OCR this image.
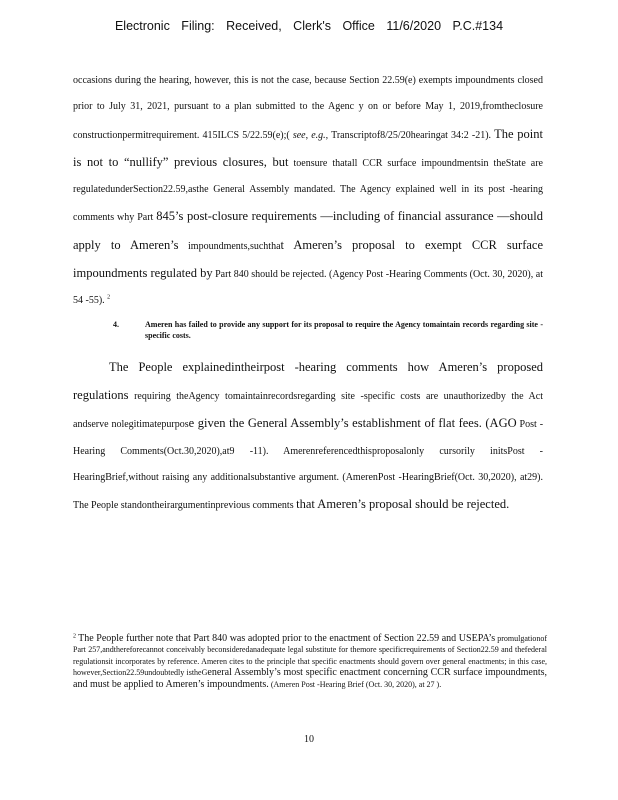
Electronic Filing: Received, Clerk's Office 11/6/2020 P.C.#134

occasions during the hearing, however, this is not the case, because Section 22.59(e) exempts impoundments closed prior to July 31, 2021, pursuant to a plan submitted to the Agenc y on or before May 1, 2019,fromtheclosure constructionpermitrequirement. 415ILCS 5/22.59(e);( see, e.g., Transcriptof8/25/20hearingat 34:2 -21). The point is not to “nullify” previous closures, but toensure thatall CCR surface impoundmentsin theState are regulatedunderSection22.59,asthe General Assembly mandated. The Agency explained well in its post -hearing comments why Part 845’s post-closure requirements —including of financial assurance —should apply to Ameren’s impoundments,suchthat Ameren’s proposal to exempt CCR surface impoundments regulated by Part 840 should be rejected. (Agency Post -Hearing Comments (Oct. 30, 2020), at 54 -55). $^2$

4.	Ameren has failed to provide any support for its proposal to require the Agency tomaintain records regarding site -specific costs.

The People explainedintheirpost -hearing comments how Ameren’s proposed regulations requiring theAgency tomaintainrecordsregarding site -specific costs are unauthorizedby the Act andserve nolegitimatepurpose given the General Assembly’s establishment of flat fees. (AGO Post -Hearing Comments(Oct.30,2020),at9 -11). Amerenreferencedthisproposalonly cursorily initsPost -HearingBrief,without raising any additionalsubstantive argument. (AmerenPost -HearingBrief(Oct. 30,2020), at29). The People standontheirargumentinprevious comments that Ameren’s proposal should be rejected.

$^2$ The People further note that Part 840 was adopted prior to the enactment of Section 22.59 and USEPA’s promulgationof Part 257,andthereforecannot conceivably beconsideredanadequate legal substitute for themore specificrequirements of Section22.59 and thefederal regulationsit incorporates by reference. Ameren cites to the principle that specific enactments should govern over general enactments; in this case, however,Section22.59undoubtedly istheGeneral Assembly’s most specific enactment concerning CCR surface impoundments, and must be applied to Ameren’s impoundments. (Ameren Post -Hearing Brief (Oct. 30, 2020), at 27 ).

10
